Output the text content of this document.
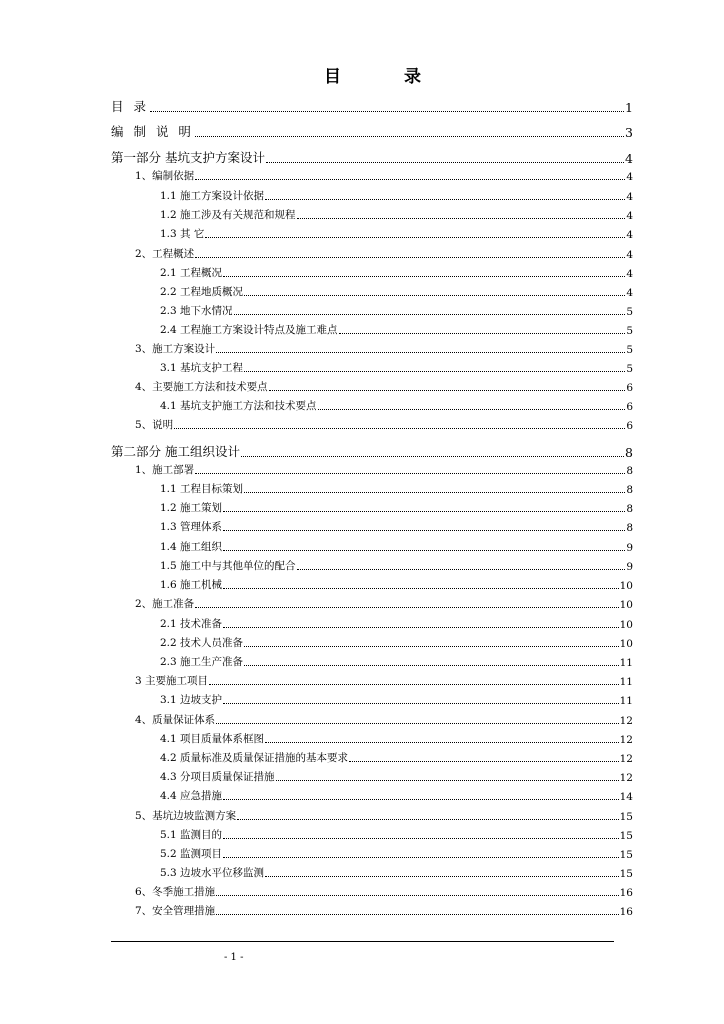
目	录
目 录	1
编 制 说 明	3
第一部分 基坑支护方案设计	4
1、编制依据	4
1.1 施工方案设计依据	4
1.2 施工涉及有关规范和规程	4
1.3 其 它	4
2、工程概述	4
2.1 工程概况	4
2.2 工程地质概况	4
2.3 地下水情况	5
2.4 工程施工方案设计特点及施工难点	5
3、施工方案设计	5
3.1 基坑支护工程	5
4、主要施工方法和技术要点	6
4.1 基坑支护施工方法和技术要点	6
5、说明	6
第二部分 施工组织设计	8
1、施工部署	8
1.1 工程目标策划	8
1.2 施工策划	8
1.3 管理体系	8
1.4 施工组织	9
1.5 施工中与其他单位的配合	9
1.6 施工机械	10
2、施工准备	10
2.1 技术准备	10
2.2 技术人员准备	10
2.3 施工生产准备	11
3 主要施工项目	11
3.1 边坡支护	11
4、质量保证体系	12
4.1 项目质量体系框图	12
4.2 质量标准及质量保证措施的基本要求	12
4.3 分项目质量保证措施	12
4.4 应急措施	14
5、基坑边坡监测方案	15
5.1 监测目的	15
5.2 监测项目	15
5.3 边坡水平位移监测	15
6、冬季施工措施	16
7、安全管理措施	16
- 1 -
